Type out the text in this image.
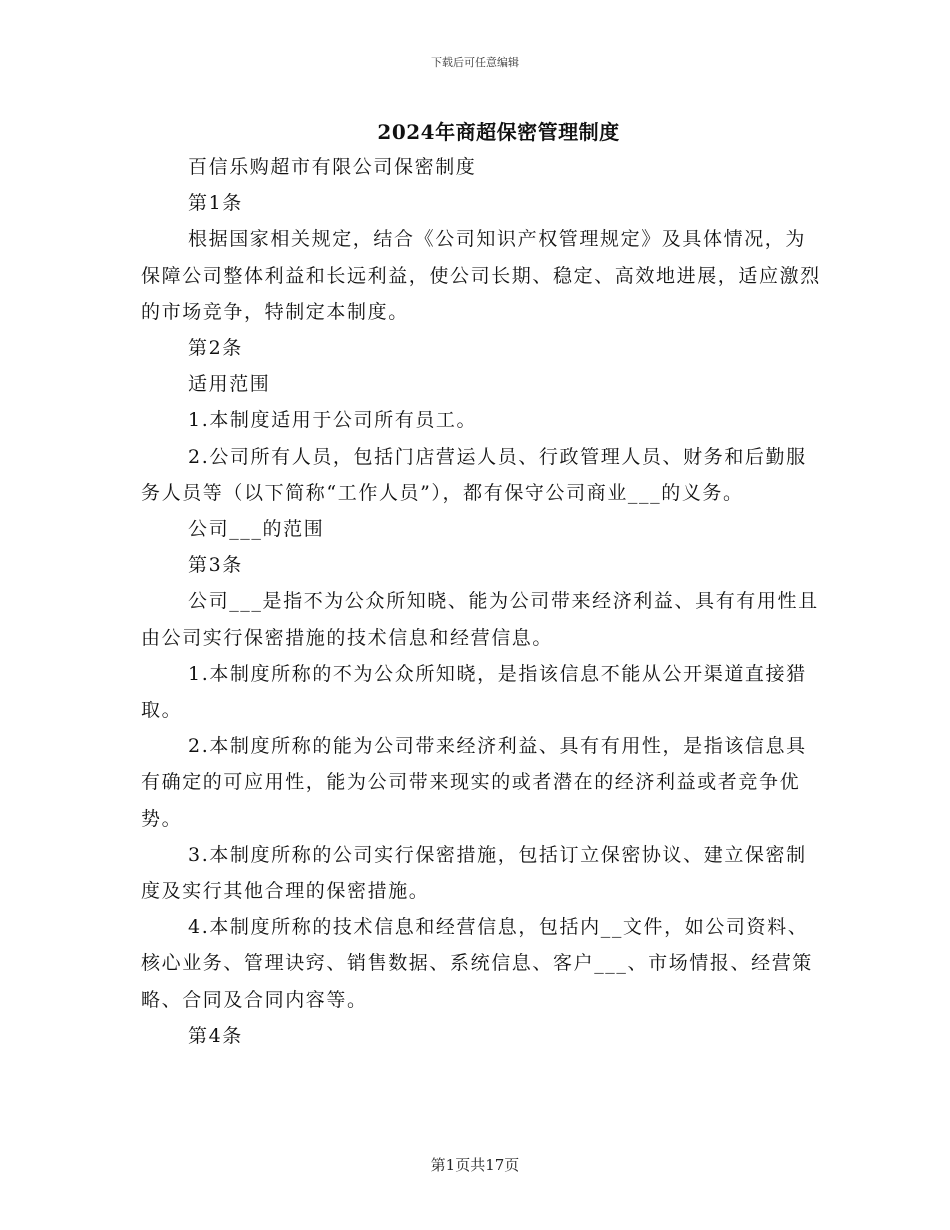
下载后可任意编辑
2024年商超保密管理制度

百信乐购超市有限公司保密制度

第1条

根据国家相关规定，结合《公司知识产权管理规定》及具体情况，为保障公司整体利益和长远利益，使公司长期、稳定、高效地进展，适应激烈的市场竞争，特制定本制度。

第2条

适用范围

1.本制度适用于公司所有员工。

2.公司所有人员，包括门店营运人员、行政管理人员、财务和后勤服务人员等（以下简称“工作人员”），都有保守公司商业___的义务。

公司___的范围

第3条

公司___是指不为公众所知晓、能为公司带来经济利益、具有有用性且由公司实行保密措施的技术信息和经营信息。

1.本制度所称的不为公众所知晓，是指该信息不能从公开渠道直接猎取。

2.本制度所称的能为公司带来经济利益、具有有用性，是指该信息具有确定的可应用性，能为公司带来现实的或者潜在的经济利益或者竞争优势。

3.本制度所称的公司实行保密措施，包括订立保密协议、建立保密制度及实行其他合理的保密措施。

4.本制度所称的技术信息和经营信息，包括内__文件，如公司资料、核心业务、管理诀窍、销售数据、系统信息、客户___、市场情报、经营策略、合同及合同内容等。

第4条

第1页共17页
